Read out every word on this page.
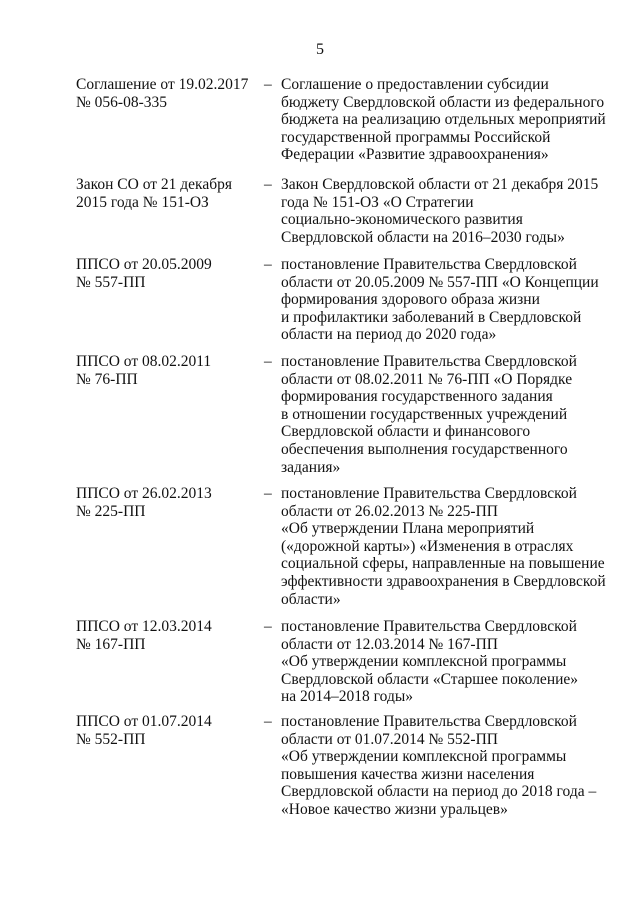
5
Соглашение от 19.02.2017
№ 056-08-335
– Соглашение о предоставлении субсидии
бюджету Свердловской области из федерального
бюджета на реализацию отдельных мероприятий
государственной программы Российской
Федерации «Развитие здравоохранения»
Закон СО от 21 декабря
2015 года № 151-ОЗ
– Закон Свердловской области от 21 декабря 2015
года № 151-ОЗ «О Стратегии
социально-экономического развития
Свердловской области на 2016–2030 годы»
ППСО от 20.05.2009
№ 557-ПП
– постановление Правительства Свердловской
области от 20.05.2009 № 557-ПП «О Концепции
формирования здорового образа жизни
и профилактики заболеваний в Свердловской
области на период до 2020 года»
ППСО от 08.02.2011
№ 76-ПП
– постановление Правительства Свердловской
области от 08.02.2011 № 76-ПП «О Порядке
формирования государственного задания
в отношении государственных учреждений
Свердловской области и финансового
обеспечения выполнения государственного
задания»
ППСО от 26.02.2013
№ 225-ПП
– постановление Правительства Свердловской
области от 26.02.2013 № 225-ПП
«Об утверждении Плана мероприятий
(«дорожной карты») «Изменения в отраслях
социальной сферы, направленные на повышение
эффективности здравоохранения в Свердловской
области»
ППСО от 12.03.2014
№ 167-ПП
– постановление Правительства Свердловской
области от 12.03.2014 № 167-ПП
«Об утверждении комплексной программы
Свердловской области «Старшее поколение»
на 2014–2018 годы»
ППСО от 01.07.2014
№ 552-ПП
– постановление Правительства Свердловской
области от 01.07.2014 № 552-ПП
«Об утверждении комплексной программы
повышения качества жизни населения
Свердловской области на период до 2018 года –
«Новое качество жизни уральцев»
